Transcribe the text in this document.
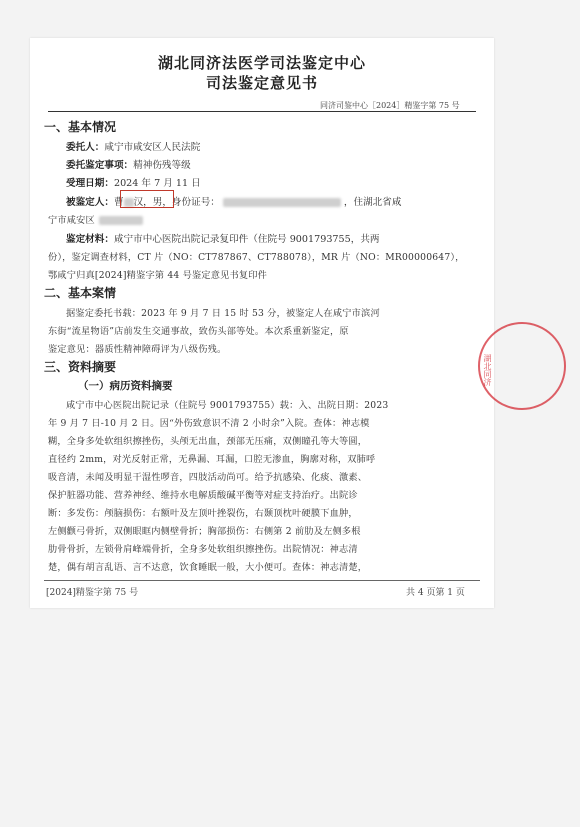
湖北同济法医学司法鉴定中心
司法鉴定意见书
同济司鉴中心［2024］精鉴字第 75 号
一、基本情况
委托人：咸宁市咸安区人民法院
委托鉴定事项：精神伤残等级
受理日期：2024 年 7 月 11 日
被鉴定人：曹 汉，男，身份证号：	，住湖北省咸
宁市咸安区
鉴定材料：咸宁市中心医院出院记录复印件（住院号 9001793755，共两
份），鉴定调查材料，CT 片（NO：CT787867、CT788078），MR 片（NO：MR00000647），
鄂咸宁归真[2024]精鉴字第 44 号鉴定意见书复印件
二、基本案情
据鉴定委托书载：2023 年 9 月 7 日 15 时 53 分，被鉴定人在咸宁市滨河
东街“流星物语”店前发生交通事故，致伤头部等处。本次系重新鉴定，原
鉴定意见：器质性精神障碍评为八级伤残。
三、资料摘要
（一）病历资料摘要
咸宁市中心医院出院记录（住院号 9001793755）载：入、出院日期：2023
年 9 月 7 日-10 月 2 日。因“外伤致意识不清 2 小时余”入院。查体：神志模
糊，全身多处软组织擦挫伤，头颅无出血，颈部无压痛，双侧瞳孔等大等圆，
直径约 2mm，对光反射正常，无鼻漏、耳漏，口腔无渗血，胸廓对称，双肺呼
吸音清，未闻及明显干湿性啰音，四肢活动尚可。给予抗感染、化痰、激素、
保护脏器功能、营养神经、维持水电解质酸碱平衡等对症支持治疗。出院诊
断：多发伤：颅脑损伤：右额叶及左顶叶挫裂伤，右颞顶枕叶硬膜下血肿，
左侧颧弓骨折，双侧眼眶内侧壁骨折；胸部损伤：右侧第 2 前肋及左侧多根
肋骨骨折，左锁骨肩峰端骨折，全身多处软组织擦挫伤。出院情况：神志清
楚，偶有胡言乱语、言不达意，饮食睡眠一般，大小便可。查体：神志清楚，
[2024]精鉴字第 75 号	共 4 页第 1 页
湖北同济
